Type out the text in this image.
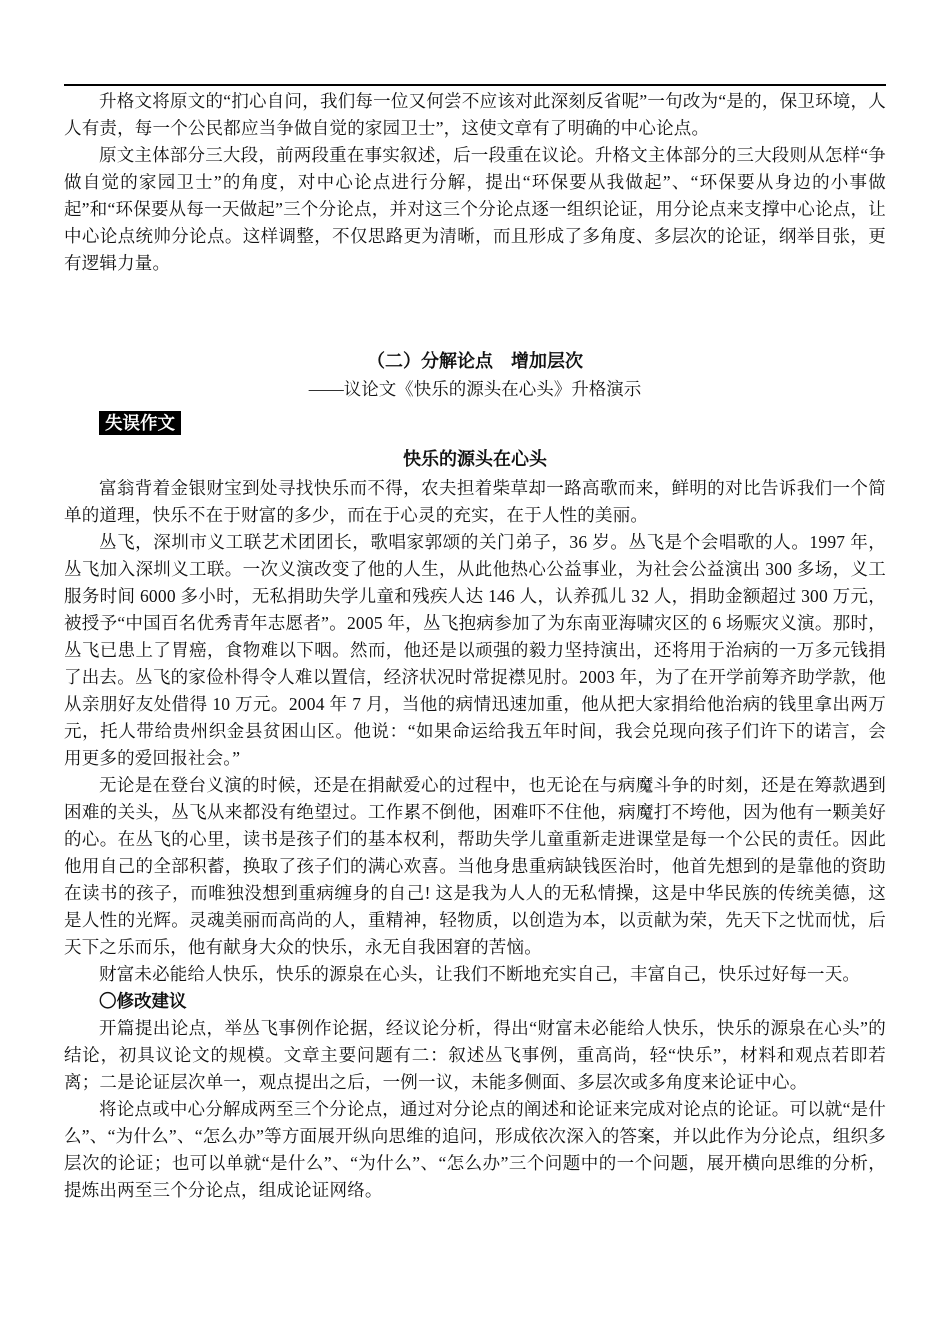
升格文将原文的“扪心自问，我们每一位又何尝不应该对此深刻反省呢”一句改为“是的，保卫环境，人人有责，每一个公民都应当争做自觉的家园卫士”，这使文章有了明确的中心论点。

原文主体部分三大段，前两段重在事实叙述，后一段重在议论。升格文主体部分的三大段则从怎样“争做自觉的家园卫士”的角度，对中心论点进行分解，提出“环保要从我做起”、“环保要从身边的小事做起”和“环保要从每一天做起”三个分论点，并对这三个分论点逐一组织论证，用分论点来支撑中心论点，让中心论点统帅分论点。这样调整，不仅思路更为清晰，而且形成了多角度、多层次的论证，纲举目张，更有逻辑力量。

（二）分解论点　增加层次

——议论文《快乐的源头在心头》升格演示

失误作文
快乐的源头在心头

富翁背着金银财宝到处寻找快乐而不得，农夫担着柴草却一路高歌而来，鲜明的对比告诉我们一个简单的道理，快乐不在于财富的多少，而在于心灵的充实，在于人性的美丽。

丛飞，深圳市义工联艺术团团长，歌唱家郭颂的关门弟子，36 岁。丛飞是个会唱歌的人。1997 年，丛飞加入深圳义工联。一次义演改变了他的人生，从此他热心公益事业，为社会公益演出 300 多场，义工服务时间 6000 多小时，无私捐助失学儿童和残疾人达 146 人，认养孤儿 32 人，捐助金额超过 300 万元，被授予“中国百名优秀青年志愿者”。2005 年，丛飞抱病参加了为东南亚海啸灾区的 6 场赈灾义演。那时，丛飞已患上了胃癌，食物难以下咽。然而，他还是以顽强的毅力坚持演出，还将用于治病的一万多元钱捐了出去。丛飞的家俭朴得令人难以置信，经济状况时常捉襟见肘。2003 年，为了在开学前筹齐助学款，他从亲朋好友处借得 10 万元。2004 年 7 月，当他的病情迅速加重，他从把大家捐给他治病的钱里拿出两万元，托人带给贵州织金县贫困山区。他说：“如果命运给我五年时间，我会兑现向孩子们许下的诺言，会用更多的爱回报社会。”

无论是在登台义演的时候，还是在捐献爱心的过程中，也无论在与病魔斗争的时刻，还是在筹款遇到困难的关头，丛飞从来都没有绝望过。工作累不倒他，困难吓不住他，病魔打不垮他，因为他有一颗美好的心。在丛飞的心里，读书是孩子们的基本权利，帮助失学儿童重新走进课堂是每一个公民的责任。因此他用自己的全部积蓄，换取了孩子们的满心欢喜。当他身患重病缺钱医治时，他首先想到的是靠他的资助在读书的孩子，而唯独没想到重病缠身的自己! 这是我为人人的无私情操，这是中华民族的传统美德，这是人性的光辉。灵魂美丽而高尚的人，重精神，轻物质，以创造为本，以贡献为荣，先天下之忧而忧，后天下之乐而乐，他有献身大众的快乐，永无自我困窘的苦恼。

财富未必能给人快乐，快乐的源泉在心头，让我们不断地充实自己，丰富自己，快乐过好每一天。

〇修改建议

开篇提出论点，举丛飞事例作论据，经议论分析，得出“财富未必能给人快乐，快乐的源泉在心头”的结论，初具议论文的规模。文章主要问题有二：叙述丛飞事例，重高尚，轻“快乐”，材料和观点若即若离；二是论证层次单一，观点提出之后，一例一议，未能多侧面、多层次或多角度来论证中心。

将论点或中心分解成两至三个分论点，通过对分论点的阐述和论证来完成对论点的论证。可以就“是什么”、“为什么”、“怎么办”等方面展开纵向思维的追问，形成依次深入的答案，并以此作为分论点，组织多层次的论证；也可以单就“是什么”、“为什么”、“怎么办”三个问题中的一个问题，展开横向思维的分析，提炼出两至三个分论点，组成论证网络。
